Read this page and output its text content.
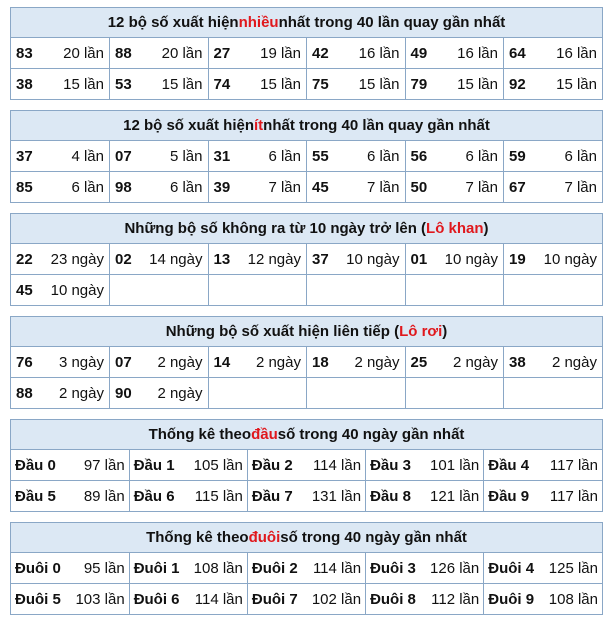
12 bộ số xuất hiện nhiều nhất trong 40 lần quay gần nhất
83 20 lần	88 20 lần	27 19 lần	42 16 lần	49 16 lần	64 16 lần

38 15 lần	53 15 lần	74 15 lần	75 15 lần	79 15 lần	92 15 lần
12 bộ số xuất hiện ít nhất trong 40 lần quay gần nhất
37 4 lần	07 5 lần	31 6 lần	55 6 lần	56 6 lần	59 6 lần

85 6 lần	98 6 lần	39 7 lần	45 7 lần	50 7 lần	67 7 lần
Những bộ số không ra từ 10 ngày trở lên ( Lô khan )
22 23 ngày	02 14 ngày	13 12 ngày	37 10 ngày	01 10 ngày	19 10 ngày

45 10 ngày					

Những bộ số xuất hiện liên tiếp ( Lô rơi )
76 3 ngày	07 2 ngày	14 2 ngày	18 2 ngày	25 2 ngày	38 2 ngày

88 2 ngày	90 2 ngày				

Thống kê theo đầu số trong 40 ngày gần nhất
Đầu 0 97 lần	Đầu 1 105 lần	Đầu 2 114 lần	Đầu 3 101 lần	Đầu 4 117 lần

Đầu 5 89 lần	Đầu 6 115 lần	Đầu 7 131 lần	Đầu 8 121 lần	Đầu 9 117 lần
Thống kê theo đuôi số trong 40 ngày gần nhất
Đuôi 0 95 lần	Đuôi 1 108 lần	Đuôi 2 114 lần	Đuôi 3 126 lần	Đuôi 4 125 lần

Đuôi 5 103 lần	Đuôi 6 114 lần	Đuôi 7 102 lần	Đuôi 8 112 lần	Đuôi 9 108 lần
